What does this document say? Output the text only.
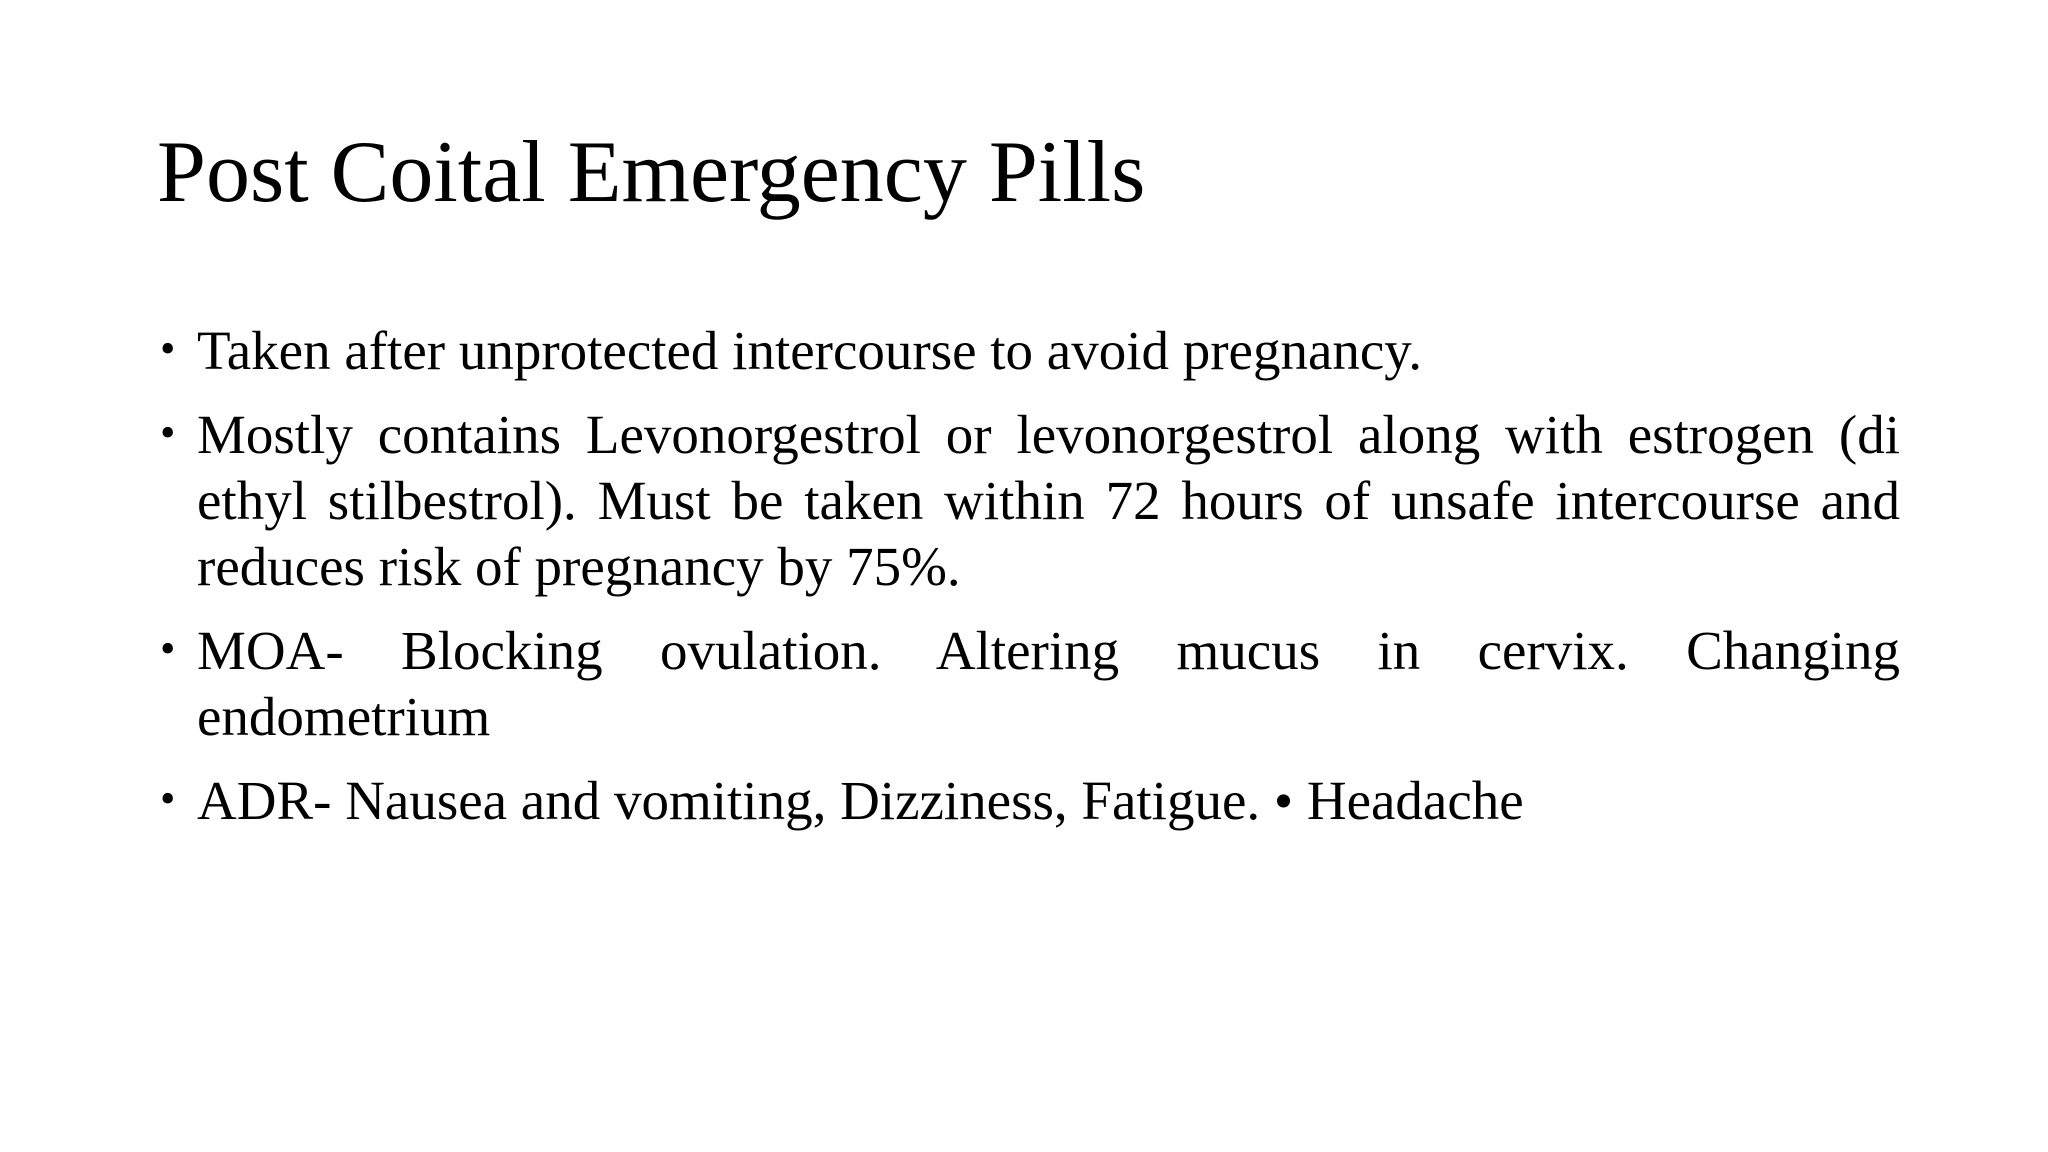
Post Coital Emergency Pills
• Taken after unprotected intercourse to avoid pregnancy.
• Mostly contains Levonorgestrol or levonorgestrol along with estrogen (di ethyl stilbestrol). Must be taken within 72 hours of unsafe intercourse and reduces risk of pregnancy by 75%.
• MOA- Blocking ovulation. Altering mucus in cervix. Changing endometrium
• ADR- Nausea and vomiting, Dizziness, Fatigue. • Headache
